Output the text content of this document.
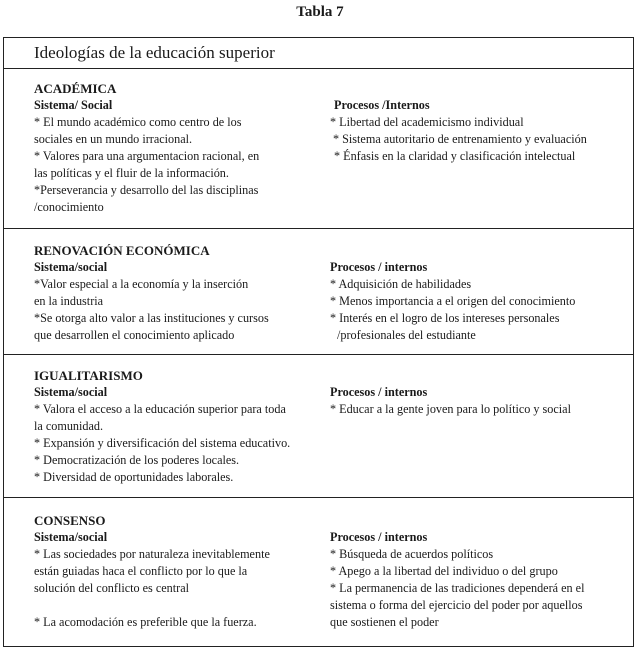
Tabla 7
Ideologías de la educación superior
ACADÉMICA
Sistema/ Social
* El mundo académico como centro de los
sociales en un mundo irracional.
* Valores para una argumentacion racional, en
las políticas y el fluir de la información.
*Perseverancia y desarrollo del las disciplinas
/conocimiento
Procesos /Internos
* Libertad del academicismo individual
* Sistema autoritario de entrenamiento y evaluación
* Énfasis en la claridad y clasificación intelectual
RENOVACIÓN ECONÓMICA
Sistema/social
*Valor especial a la economía y la inserción
en la industria
*Se otorga alto valor a las instituciones y cursos
que desarrollen el conocimiento aplicado
Procesos / internos
* Adquisición de habilidades
* Menos importancia a el origen del conocimiento
* Interés en el logro de los intereses personales
/profesionales del estudiante
IGUALITARISMO
Sistema/social
* Valora el acceso a la educación superior para toda
la comunidad.
* Expansión y diversificación del sistema educativo.
* Democratización de los poderes locales.
* Diversidad de oportunidades laborales.
Procesos / internos
* Educar a la gente joven para lo político y social
CONSENSO
Sistema/social
* Las sociedades por naturaleza inevitablemente
están guiadas haca el conflicto por lo que la
solución del conflicto es central
* La acomodación es preferible que la fuerza.
Procesos / internos
* Búsqueda de acuerdos políticos
* Apego a la libertad del individuo o del grupo
* La permanencia de las tradiciones dependerá en el
sistema o forma del ejercicio del poder por aquellos
que sostienen el poder
